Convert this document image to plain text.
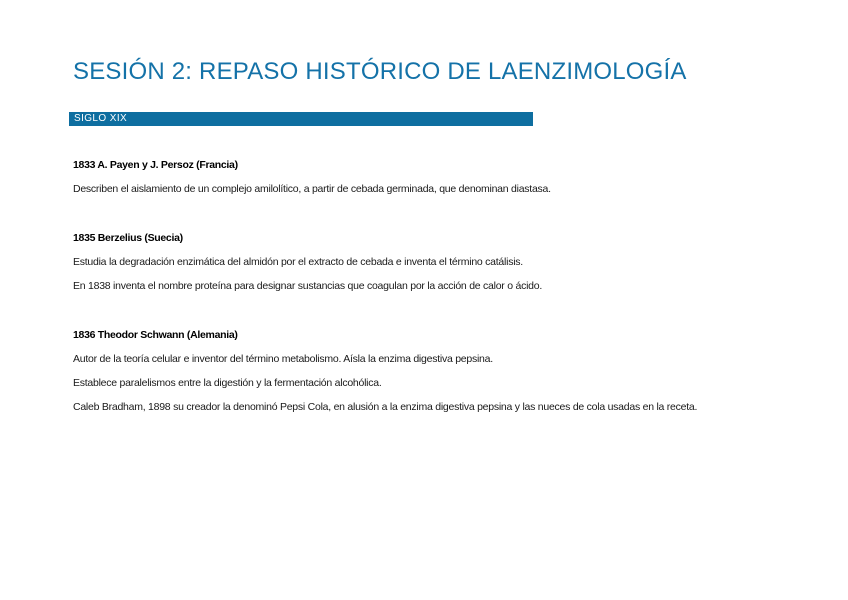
SESIÓN 2: REPASO HISTÓRICO DE LAENZIMOLOGÍA
SIGLO XIX

1833 A. Payen y J. Persoz (Francia)

Describen el aislamiento de un complejo amilolítico, a partir de cebada germinada, que denominan diastasa.

1835 Berzelius (Suecia)

Estudia la degradación enzimática del almidón por el extracto de cebada e inventa el término catálisis.

En 1838 inventa el nombre proteína para designar sustancias que coagulan por la acción de calor o ácido.

1836 Theodor Schwann (Alemania)

Autor de la teoría celular e inventor del término metabolismo. Aísla la enzima digestiva pepsina.

Establece paralelismos entre la digestión y la fermentación alcohólica.

Caleb Bradham, 1898 su creador la denominó Pepsi Cola, en alusión a la enzima digestiva pepsina y las nueces de cola usadas en la receta.
